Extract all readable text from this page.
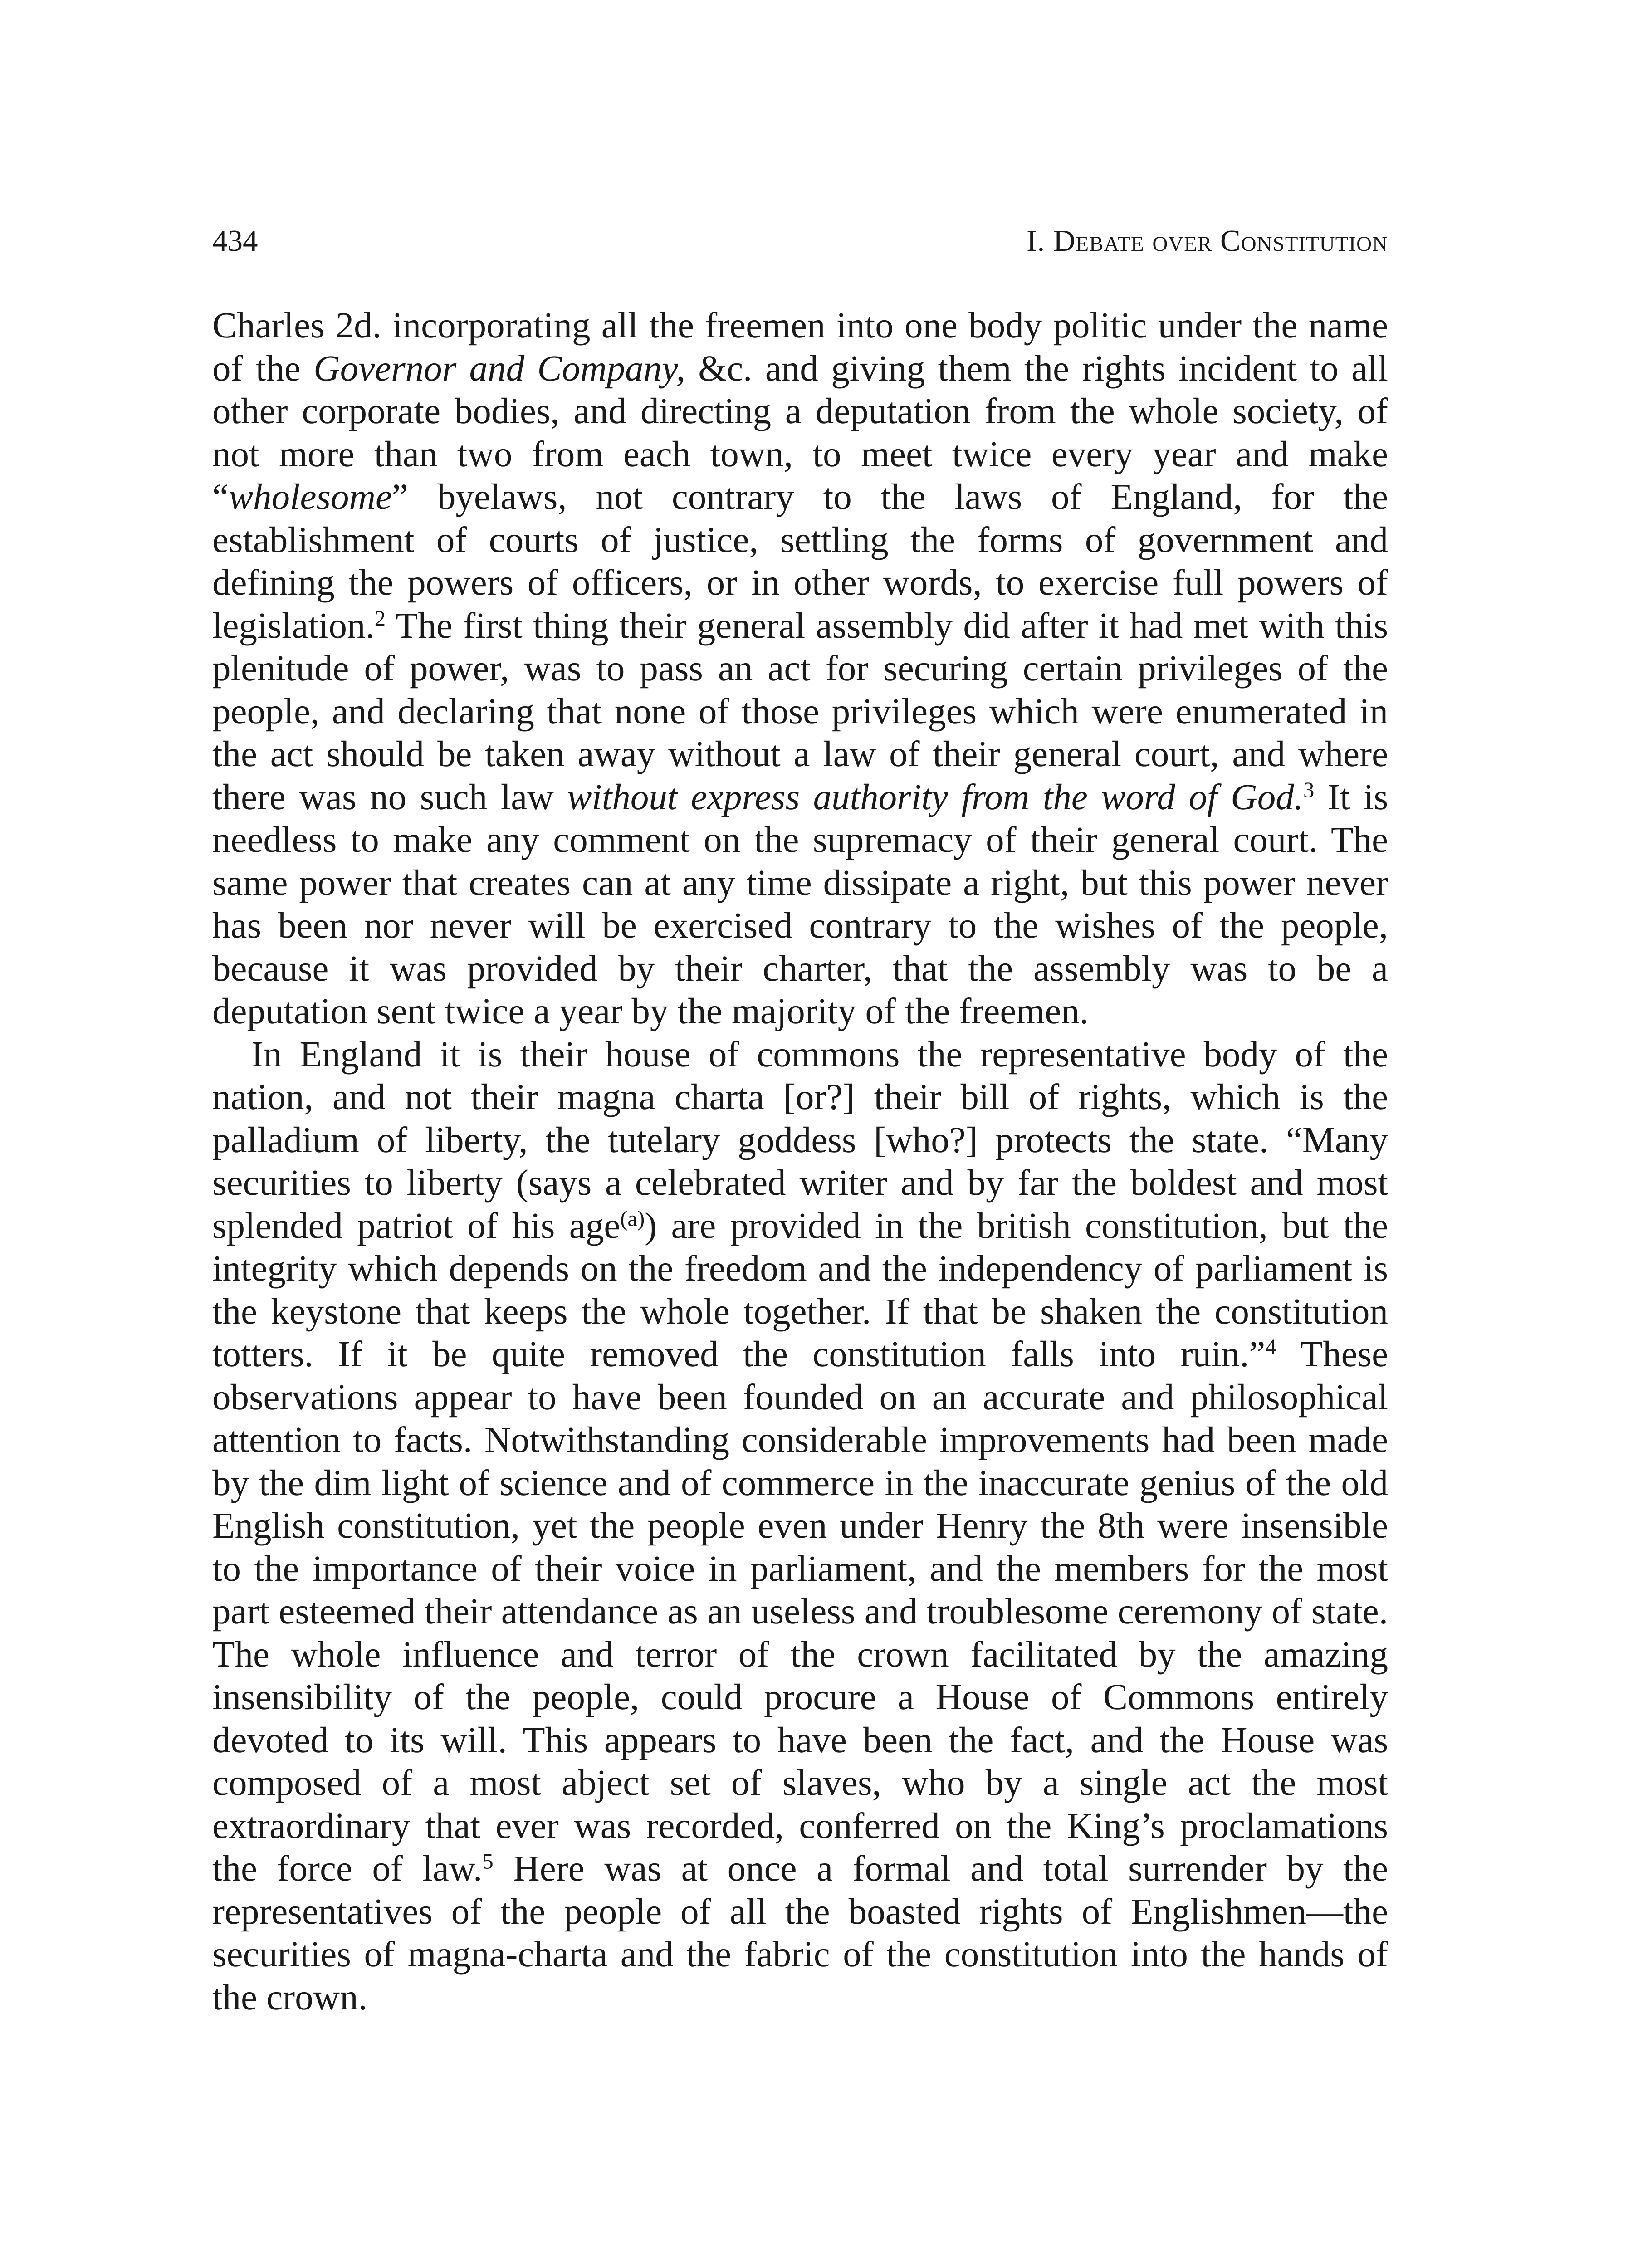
434	I. Debate over Constitution

Charles 2d. incorporating all the freemen into one body politic under the name of the Governor and Company, &c. and giving them the rights incident to all other corporate bodies, and directing a deputation from the whole society, of not more than two from each town, to meet twice every year and make “wholesome” byelaws, not contrary to the laws of England, for the establishment of courts of justice, settling the forms of government and defining the powers of officers, or in other words, to exercise full powers of legislation.$^2$ The first thing their general assembly did after it had met with this plenitude of power, was to pass an act for securing certain privileges of the people, and declaring that none of those privileges which were enumerated in the act should be taken away without a law of their general court, and where there was no such law without express authority from the word of God.$^3$ It is needless to make any comment on the supremacy of their general court. The same power that creates can at any time dissipate a right, but this power never has been nor never will be exercised contrary to the wishes of the people, because it was provided by their charter, that the assembly was to be a deputation sent twice a year by the majority of the freemen.

In England it is their house of commons the representative body of the nation, and not their magna charta [or?] their bill of rights, which is the palladium of liberty, the tutelary goddess [who?] protects the state. “Many securities to liberty (says a celebrated writer and by far the boldest and most splended patriot of his age$^{(a)}$) are provided in the british constitution, but the integrity which depends on the freedom and the independency of parliament is the keystone that keeps the whole together. If that be shaken the constitution totters. If it be quite removed the constitution falls into ruin.”$^4$ These observations appear to have been founded on an accurate and philosophical attention to facts. Notwithstanding considerable improvements had been made by the dim light of science and of commerce in the inaccurate genius of the old English constitution, yet the people even under Henry the 8th were insensible to the importance of their voice in parliament, and the members for the most part esteemed their attendance as an useless and troublesome ceremony of state. The whole influence and terror of the crown facilitated by the amazing insensibility of the people, could procure a House of Commons entirely devoted to its will. This appears to have been the fact, and the House was composed of a most abject set of slaves, who by a single act the most extraordinary that ever was recorded, conferred on the King’s proclamations the force of law.$^5$ Here was at once a formal and total surrender by the representatives of the people of all the boasted rights of Englishmen—the securities of magna-charta and the fabric of the constitution into the hands of the crown.
